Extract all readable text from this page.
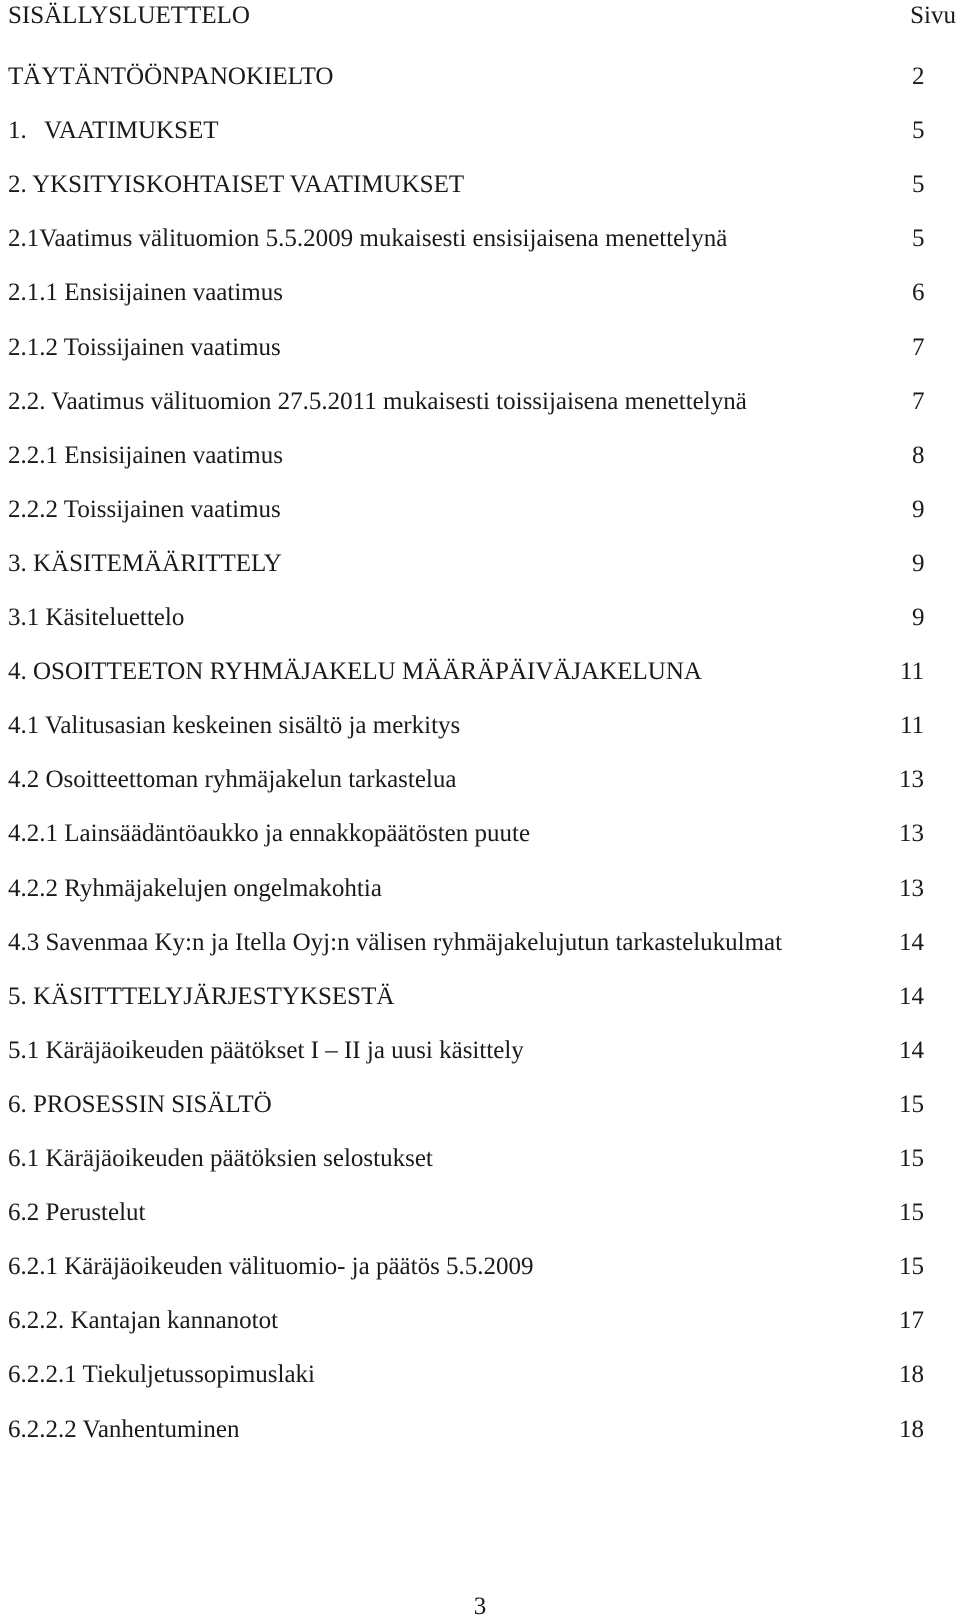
SISÄLLYSLUETTELO	Sivu
TÄYTÄNTÖÖNPANOKIELTO	2
1. VAATIMUKSET	5
2. YKSITYISKOHTAISET VAATIMUKSET	5
2.1Vaatimus välituomion 5.5.2009 mukaisesti ensisijaisena menettelynä	5
2.1.1 Ensisijainen vaatimus	6
2.1.2 Toissijainen vaatimus	7
2.2. Vaatimus välituomion 27.5.2011 mukaisesti toissijaisena menettelynä	7
2.2.1 Ensisijainen vaatimus	8
2.2.2 Toissijainen vaatimus	9
3. KÄSITEMÄÄRITTELY	9
3.1 Käsiteluettelo	9
4. OSOITTEETON RYHMÄJAKELU MÄÄRÄPÄIVÄJAKELUNA	11
4.1 Valitusasian keskeinen sisältö ja merkitys	11
4.2 Osoitteettoman ryhmäjakelun tarkastelua	13
4.2.1 Lainsäädäntöaukko ja ennakkopäätösten puute	13
4.2.2 Ryhmäjakelujen ongelmakohtia	13
4.3 Savenmaa Ky:n ja Itella Oyj:n välisen ryhmäjakelujutun tarkastelukulmat	14
5. KÄSITTTELYJÄRJESTYKSESTÄ	14
5.1 Käräjäoikeuden päätökset I – II ja uusi käsittely	14
6. PROSESSIN SISÄLTÖ	15
6.1 Käräjäoikeuden päätöksien selostukset	15
6.2 Perustelut	15
6.2.1 Käräjäoikeuden välituomio- ja päätös 5.5.2009	15
6.2.2. Kantajan kannanotot	17
6.2.2.1 Tiekuljetussopimuslaki	18
6.2.2.2 Vanhentuminen	18
3
